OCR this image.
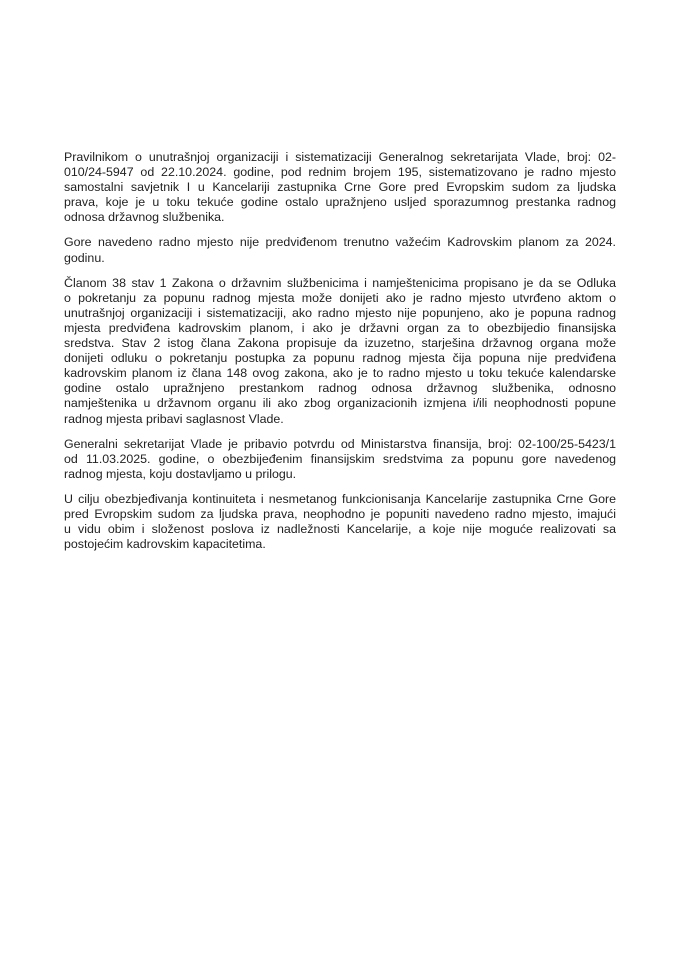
Pravilnikom o unutrašnjoj organizaciji i sistematizaciji Generalnog sekretarijata Vlade, broj: 02-
010/24-5947 od 22.10.2024. godine, pod rednim brojem 195, sistematizovano je radno mjesto
samostalni savjetnik I u Kancelariji zastupnika Crne Gore pred Evropskim sudom za ljudska
prava, koje je u toku tekuće godine ostalo upražnjeno usljed sporazumnog prestanka radnog
odnosa državnog službenika.
Gore navedeno radno mjesto nije predviđenom trenutno važećim Kadrovskim planom za 2024.
godinu.
Članom 38 stav 1 Zakona o državnim službenicima i namještenicima propisano je da se Odluka
o pokretanju za popunu radnog mjesta može donijeti ako je radno mjesto utvrđeno aktom o
unutrašnjoj organizaciji i sistematizaciji, ako radno mjesto nije popunjeno, ako je popuna radnog
mjesta predviđena kadrovskim planom, i ako je državni organ za to obezbijedio finansijska
sredstva. Stav 2 istog člana Zakona propisuje da izuzetno, starješina državnog organa može
donijeti odluku o pokretanju postupka za popunu radnog mjesta čija popuna nije predviđena
kadrovskim planom iz člana 148 ovog zakona, ako je to radno mjesto u toku tekuće kalendarske
godine ostalo upražnjeno prestankom radnog odnosa državnog službenika, odnosno
namještenika u državnom organu ili ako zbog organizacionih izmjena i/ili neophodnosti popune
radnog mjesta pribavi saglasnost Vlade.
Generalni sekretarijat Vlade je pribavio potvrdu od Ministarstva finansija, broj: 02-100/25-5423/1
od 11.03.2025. godine, o obezbijeđenim finansijskim sredstvima za popunu gore navedenog
radnog mjesta, koju dostavljamo u prilogu.
U cilju obezbjeđivanja kontinuiteta i nesmetanog funkcionisanja Kancelarije zastupnika Crne Gore
pred Evropskim sudom za ljudska prava, neophodno je popuniti navedeno radno mjesto, imajući
u vidu obim i složenost poslova iz nadležnosti Kancelarije, a koje nije moguće realizovati sa
postojećim kadrovskim kapacitetima.
